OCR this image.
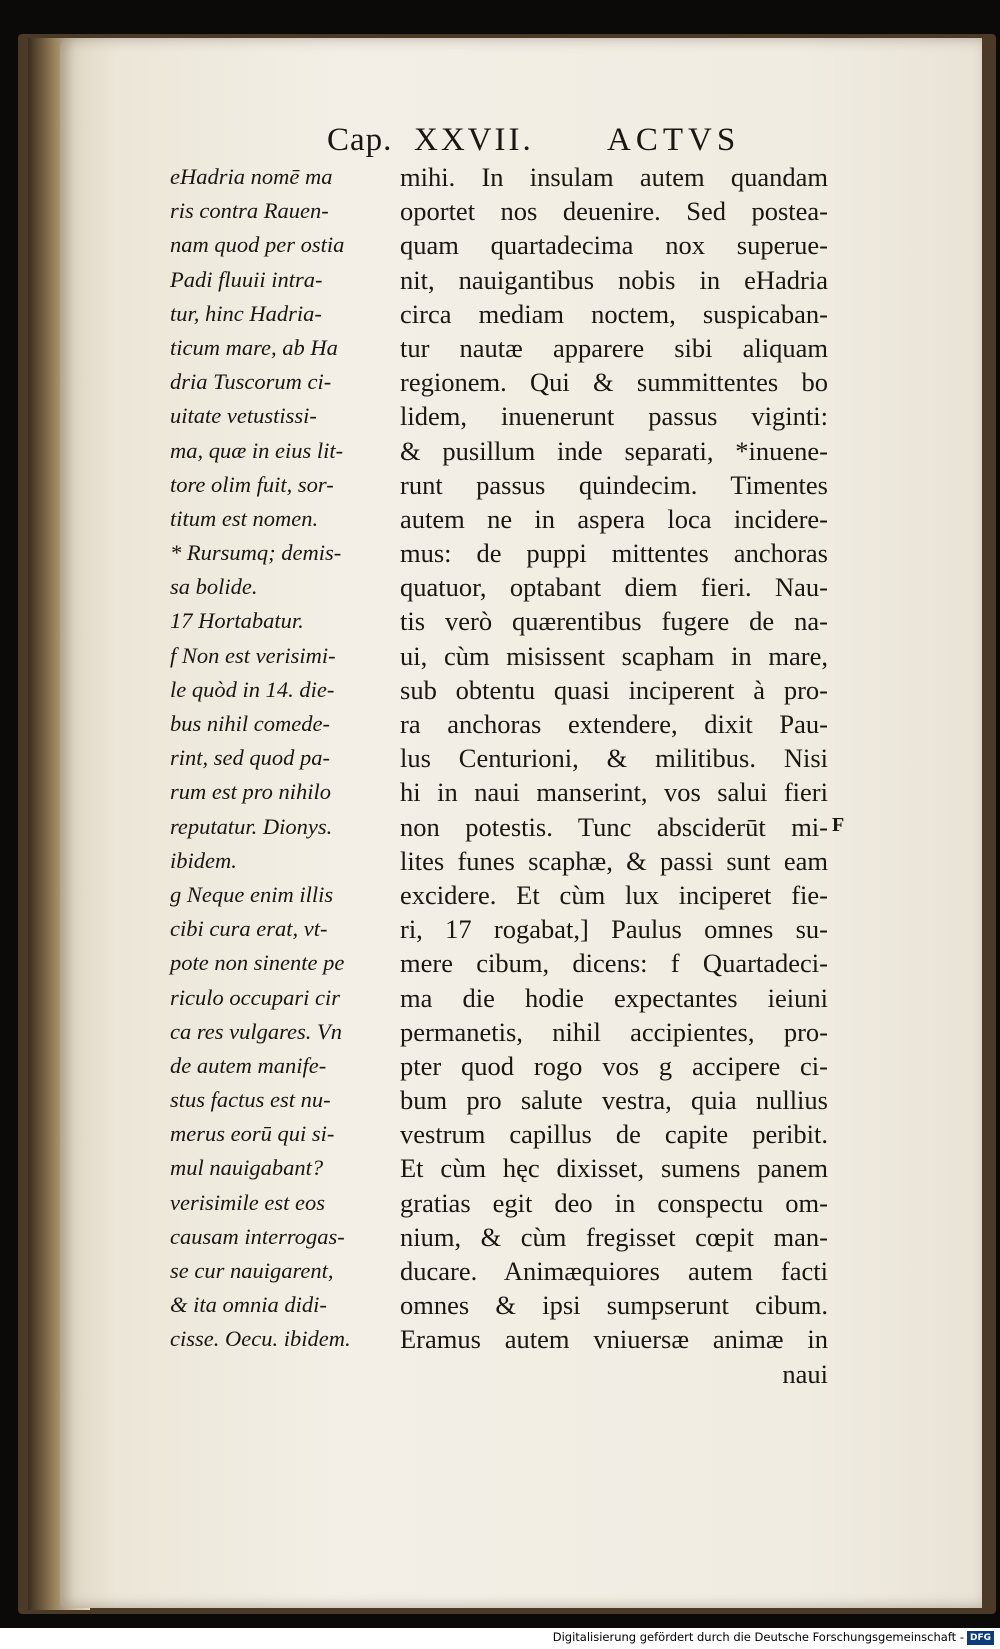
Cap. XXVII. ACTVS
eHadria nomē ma
ris contra Rauen-
nam quod per ostia
Padi fluuii intra-
tur, hinc Hadria-
ticum mare, ab Ha
dria Tuscorum ci-
uitate vetustissi-
ma, quæ in eius lit-
tore olim fuit, sor-
titum est nomen.
* Rursumq; demis-
sa bolide.
17 Hortabatur.
f Non est verisimi-
le quòd in 14. die-
bus nihil comede-
rint, sed quod pa-
rum est pro nihilo
reputatur. Dionys.
ibidem.
g Neque enim illis
cibi cura erat, vt-
pote non sinente pe
riculo occupari cir
ca res vulgares. Vn
de autem manife-
stus factus est nu-
merus eorū qui si-
mul nauigabant?
verisimile est eos
causam interrogas-
se cur nauigarent,
& ita omnia didi-
cisse. Oecu. ibidem.
mihi. In insulam autem quandam
oportet nos deuenire. Sed postea-
quam quartadecima nox superue-
nit, nauigantibus nobis in eHadria
circa mediam noctem, suspicaban-
tur nautæ apparere sibi aliquam
regionem. Qui & summittentes bo
lidem, inuenerunt passus viginti:
& pusillum inde separati, *inuene-
runt passus quindecim. Timentes
autem ne in aspera loca incidere-
mus: de puppi mittentes anchoras
quatuor, optabant diem fieri. Nau-
tis verò quærentibus fugere de na-
ui, cùm misissent scapham in mare,
sub obtentu quasi inciperent à pro-
ra anchoras extendere, dixit Pau-
lus Centurioni, & militibus. Nisi
hi in naui manserint, vos salui fieri
non potestis. Tunc absciderūt mi-
lites funes scaphæ, & passi sunt eam
excidere. Et cùm lux inciperet fie-
ri, 17 rogabat,] Paulus omnes su-
mere cibum, dicens: f Quartadeci-
ma die hodie expectantes ieiuni
permanetis, nihil accipientes, pro-
pter quod rogo vos g accipere ci-
bum pro salute vestra, quia nullius
vestrum capillus de capite peribit.
Et cùm hęc dixisset, sumens panem
gratias egit deo in conspectu om-
nium, & cùm fregisset cœpit man-
ducare. Animæquiores autem facti
omnes & ipsi sumpserunt cibum.
Eramus autem vniuersæ animæ in
naui
F
Digitalisierung gefördert durch die Deutsche Forschungsgemeinschaft - DFG
